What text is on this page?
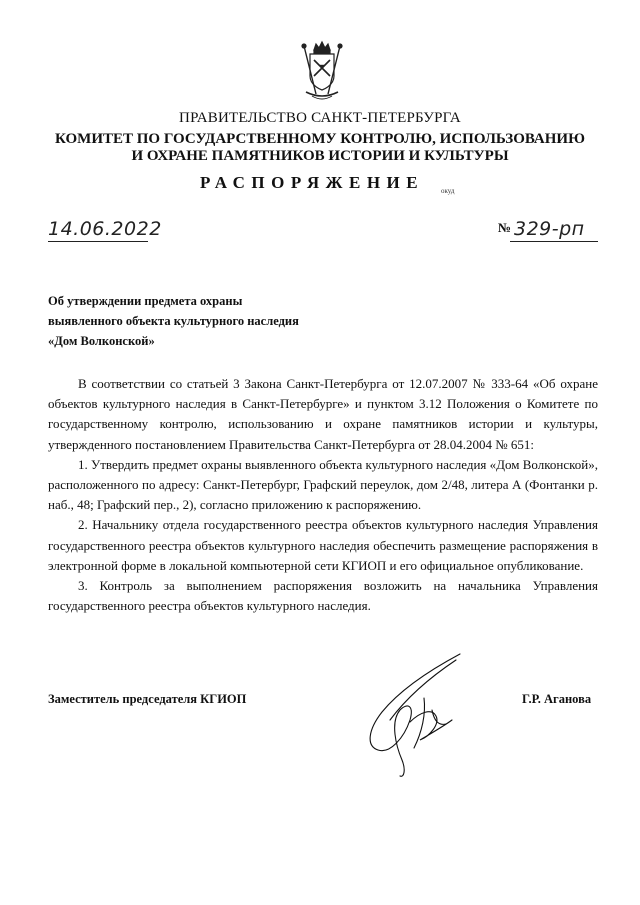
ПРАВИТЕЛЬСТВО САНКТ-ПЕТЕРБУРГА
КОМИТЕТ ПО ГОСУДАРСТВЕННОМУ КОНТРОЛЮ, ИСПОЛЬЗОВАНИЮ
И ОХРАНЕ ПАМЯТНИКОВ ИСТОРИИ И КУЛЬТУРЫ
РАСПОРЯЖЕНИЕ окуд
14.06.2022	№ 329-рп
Об утверждении предмета охраны
выявленного объекта культурного наследия
«Дом Волконской»

В соответствии со статьей 3 Закона Санкт-Петербурга от 12.07.2007 № 333-64 «Об охране объектов культурного наследия в Санкт-Петербурге» и пунктом 3.12 Положения о Комитете по государственному контролю, использованию и охране памятников истории и культуры, утвержденного постановлением Правительства Санкт-Петербурга от 28.04.2004 № 651:

1. Утвердить предмет охраны выявленного объекта культурного наследия «Дом Волконской», расположенного по адресу: Санкт-Петербург, Графский переулок, дом 2/48, литера А (Фонтанки р. наб., 48; Графский пер., 2), согласно приложению к распоряжению.

2. Начальнику отдела государственного реестра объектов культурного наследия Управления государственного реестра объектов культурного наследия обеспечить размещение распоряжения в электронной форме в локальной компьютерной сети КГИОП и его официальное опубликование.

3. Контроль за выполнением распоряжения возложить на начальника Управления государственного реестра объектов культурного наследия.

Заместитель председателя КГИОП	Г.Р. Аганова
